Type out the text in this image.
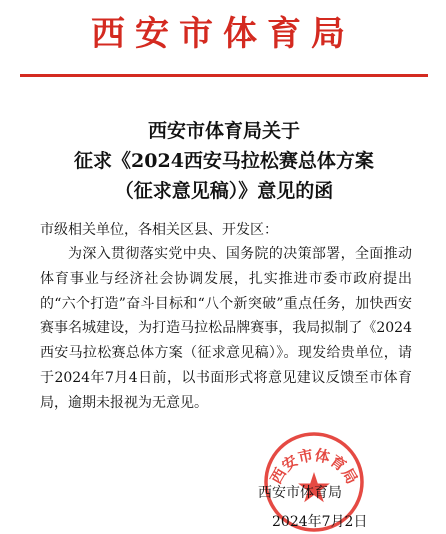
西安市体育局
西安市体育局关于
征求《2024西安马拉松赛总体方案
（征求意见稿）》意见的函
市级相关单位，各相关区县、开发区：

为深入贯彻落实党中央、国务院的决策部署，全面推动体育事业与经济社会协调发展，扎实推进市委市政府提出的“六个打造”奋斗目标和“八个新突破”重点任务，加快西安赛事名城建设，为打造马拉松品牌赛事，我局拟制了《2024西安马拉松赛总体方案（征求意见稿）》。现发给贵单位，请于2024年7月4日前，以书面形式将意见建议反馈至市体育局，逾期未报视为无意见。

西安市体育局
西安市体育局
2024年7月2日
